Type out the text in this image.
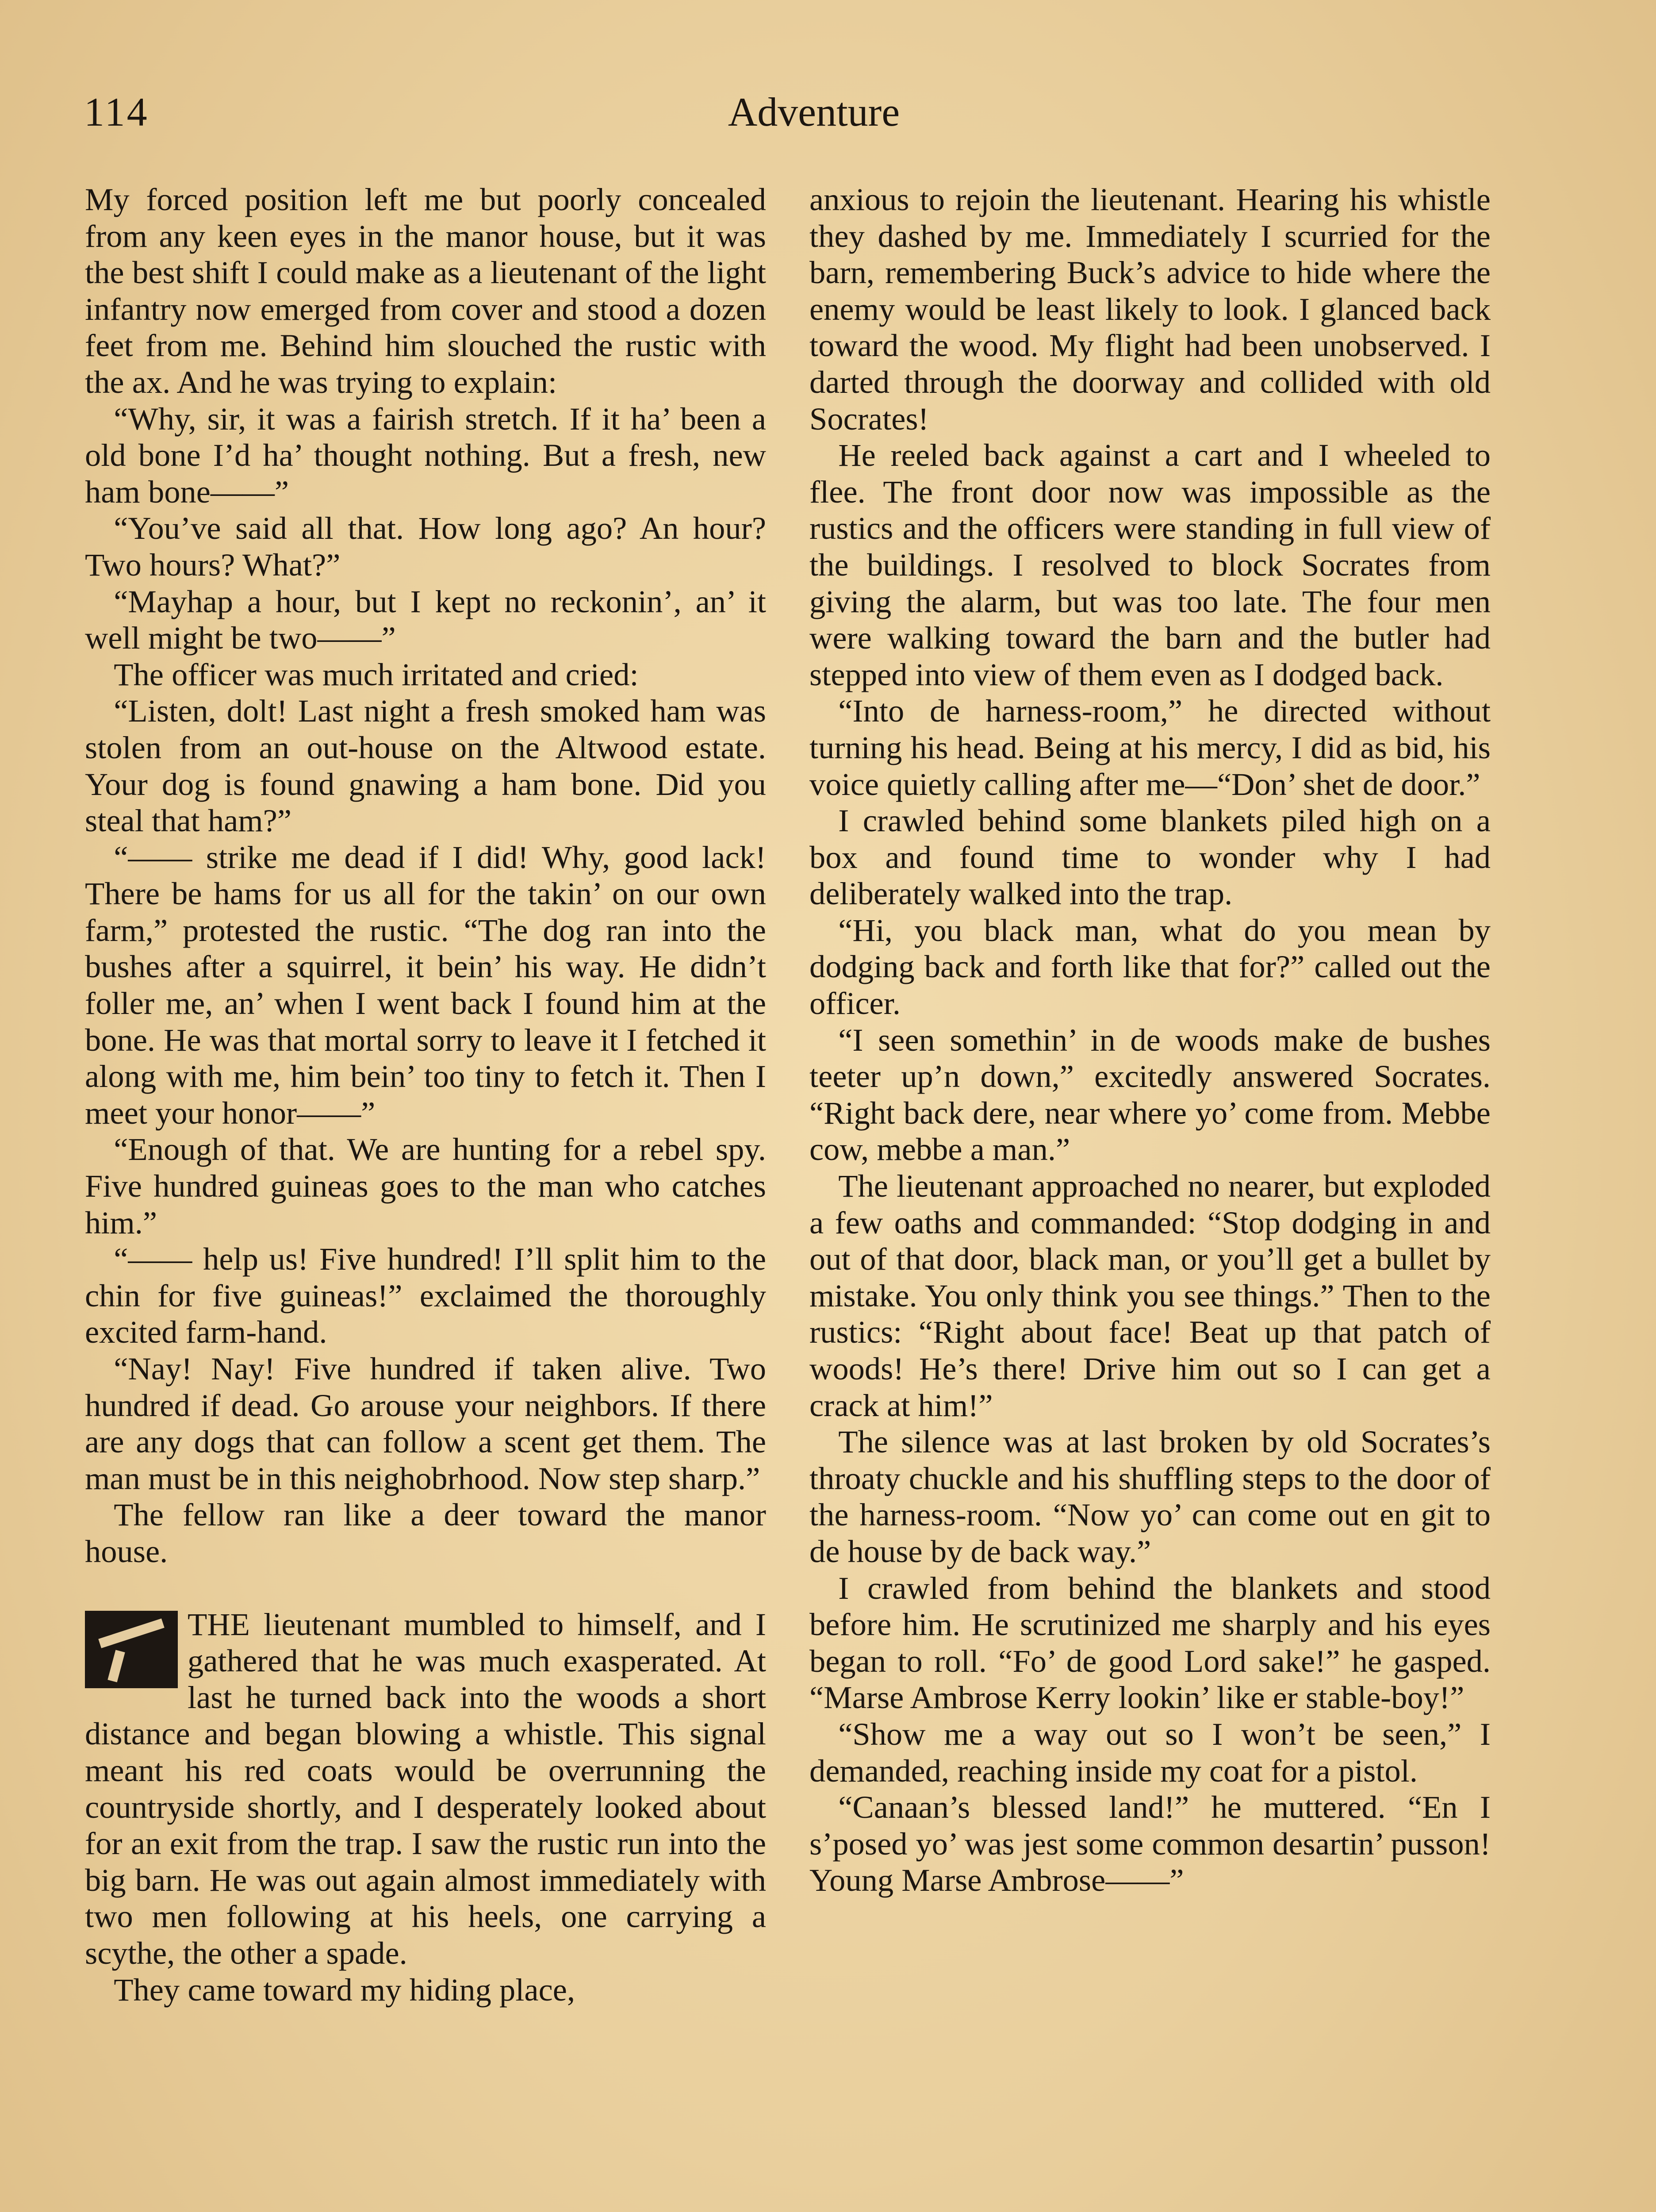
114	Adventure

My forced position left me but poorly concealed from any keen eyes in the manor house, but it was the best shift I could make as a lieutenant of the light infantry now emerged from cover and stood a dozen feet from me. Behind him slouched the rustic with the ax. And he was trying to explain:

“Why, sir, it was a fairish stretch. If it ha’ been a old bone I’d ha’ thought nothing. But a fresh, new ham bone——”

“You’ve said all that. How long ago? An hour? Two hours? What?”

“Mayhap a hour, but I kept no reckonin’, an’ it well might be two——”

The officer was much irritated and cried:

“Listen, dolt! Last night a fresh smoked ham was stolen from an out-house on the Altwood estate. Your dog is found gnawing a ham bone. Did you steal that ham?”

“—— strike me dead if I did! Why, good lack! There be hams for us all for the takin’ on our own farm,” protested the rustic. “The dog ran into the bushes after a squirrel, it bein’ his way. He didn’t foller me, an’ when I went back I found him at the bone. He was that mortal sorry to leave it I fetched it along with me, him bein’ too tiny to fetch it. Then I meet your honor——”

“Enough of that. We are hunting for a rebel spy. Five hundred guineas goes to the man who catches him.”

“—— help us! Five hundred! I’ll split him to the chin for five guineas!” exclaimed the thoroughly excited farm-hand.

“Nay! Nay! Five hundred if taken alive. Two hundred if dead. Go arouse your neighbors. If there are any dogs that can follow a scent get them. The man must be in this neighobrhood. Now step sharp.”

The fellow ran like a deer toward the manor house.

THE lieutenant mumbled to himself, and I gathered that he was much exasperated. At last he turned back into the woods a short distance and began blowing a whistle. This signal meant his red coats would be overrunning the countryside shortly, and I desperately looked about for an exit from the trap. I saw the rustic run into the big barn. He was out again almost immediately with two men following at his heels, one carrying a scythe, the other a spade.

They came toward my hiding place,

anxious to rejoin the lieutenant. Hearing his whistle they dashed by me. Immediately I scurried for the barn, remembering Buck’s advice to hide where the enemy would be least likely to look. I glanced back toward the wood. My flight had been unobserved. I darted through the doorway and collided with old Socrates!

He reeled back against a cart and I wheeled to flee. The front door now was impossible as the rustics and the officers were standing in full view of the buildings. I resolved to block Socrates from giving the alarm, but was too late. The four men were walking toward the barn and the butler had stepped into view of them even as I dodged back.

“Into de harness-room,” he directed without turning his head. Being at his mercy, I did as bid, his voice quietly calling after me—“Don’ shet de door.”

I crawled behind some blankets piled high on a box and found time to wonder why I had deliberately walked into the trap.

“Hi, you black man, what do you mean by dodging back and forth like that for?” called out the officer.

“I seen somethin’ in de woods make de bushes teeter up’n down,” excitedly answered Socrates. “Right back dere, near where yo’ come from. Mebbe cow, mebbe a man.”

The lieutenant approached no nearer, but exploded a few oaths and commanded: “Stop dodging in and out of that door, black man, or you’ll get a bullet by mistake. You only think you see things.” Then to the rustics: “Right about face! Beat up that patch of woods! He’s there! Drive him out so I can get a crack at him!”

The silence was at last broken by old Socrates’s throaty chuckle and his shuffling steps to the door of the harness-room. “Now yo’ can come out en git to de house by de back way.”

I crawled from behind the blankets and stood before him. He scrutinized me sharply and his eyes began to roll. “Fo’ de good Lord sake!” he gasped. “Marse Ambrose Kerry lookin’ like er stable-boy!”

“Show me a way out so I won’t be seen,” I demanded, reaching inside my coat for a pistol.

“Canaan’s blessed land!” he muttered. “En I s’posed yo’ was jest some common desartin’ pusson! Young Marse Ambrose——”
